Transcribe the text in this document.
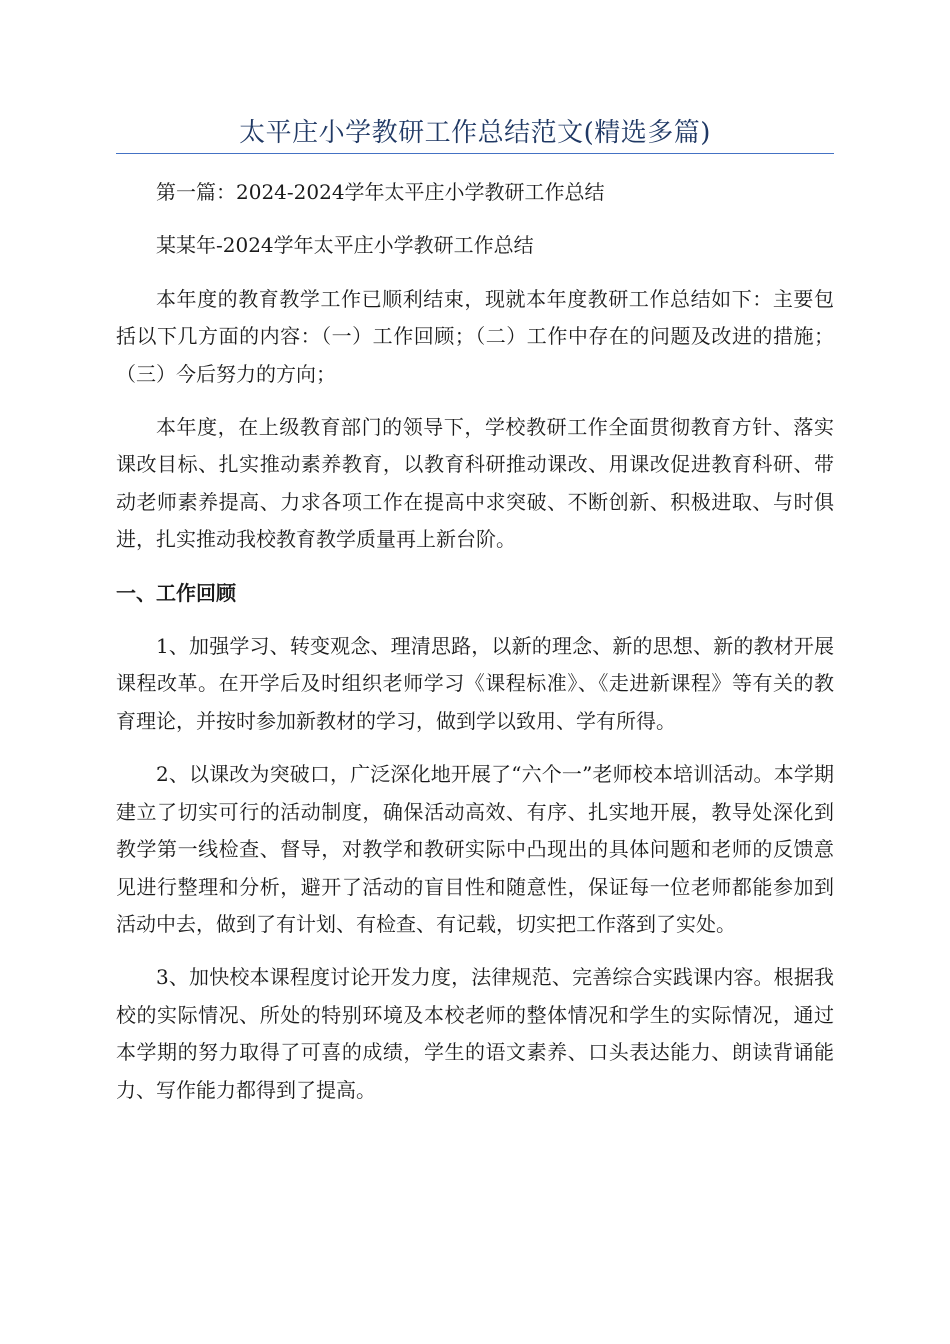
太平庄小学教研工作总结范文(精选多篇)

第一篇：2024-2024学年太平庄小学教研工作总结

某某年-2024学年太平庄小学教研工作总结

本年度的教育教学工作已顺利结束，现就本年度教研工作总结如下：主要包括以下几方面的内容：（一）工作回顾；（二）工作中存在的问题及改进的措施；（三）今后努力的方向；

本年度，在上级教育部门的领导下，学校教研工作全面贯彻教育方针、落实课改目标、扎实推动素养教育，以教育科研推动课改、用课改促进教育科研、带动老师素养提高、力求各项工作在提高中求突破、不断创新、积极进取、与时俱进，扎实推动我校教育教学质量再上新台阶。

一、工作回顾

1、加强学习、转变观念、理清思路，以新的理念、新的思想、新的教材开展课程改革。在开学后及时组织老师学习《课程标准》、《走进新课程》等有关的教育理论，并按时参加新教材的学习，做到学以致用、学有所得。

2、以课改为突破口，广泛深化地开展了“六个一”老师校本培训活动。本学期建立了切实可行的活动制度，确保活动高效、有序、扎实地开展，教导处深化到教学第一线检查、督导，对教学和教研实际中凸现出的具体问题和老师的反馈意见进行整理和分析，避开了活动的盲目性和随意性，保证每一位老师都能参加到活动中去，做到了有计划、有检查、有记载，切实把工作落到了实处。

3、加快校本课程度讨论开发力度，法律规范、完善综合实践课内容。根据我校的实际情况、所处的特别环境及本校老师的整体情况和学生的实际情况，通过本学期的努力取得了可喜的成绩，学生的语文素养、口头表达能力、朗读背诵能力、写作能力都得到了提高。
